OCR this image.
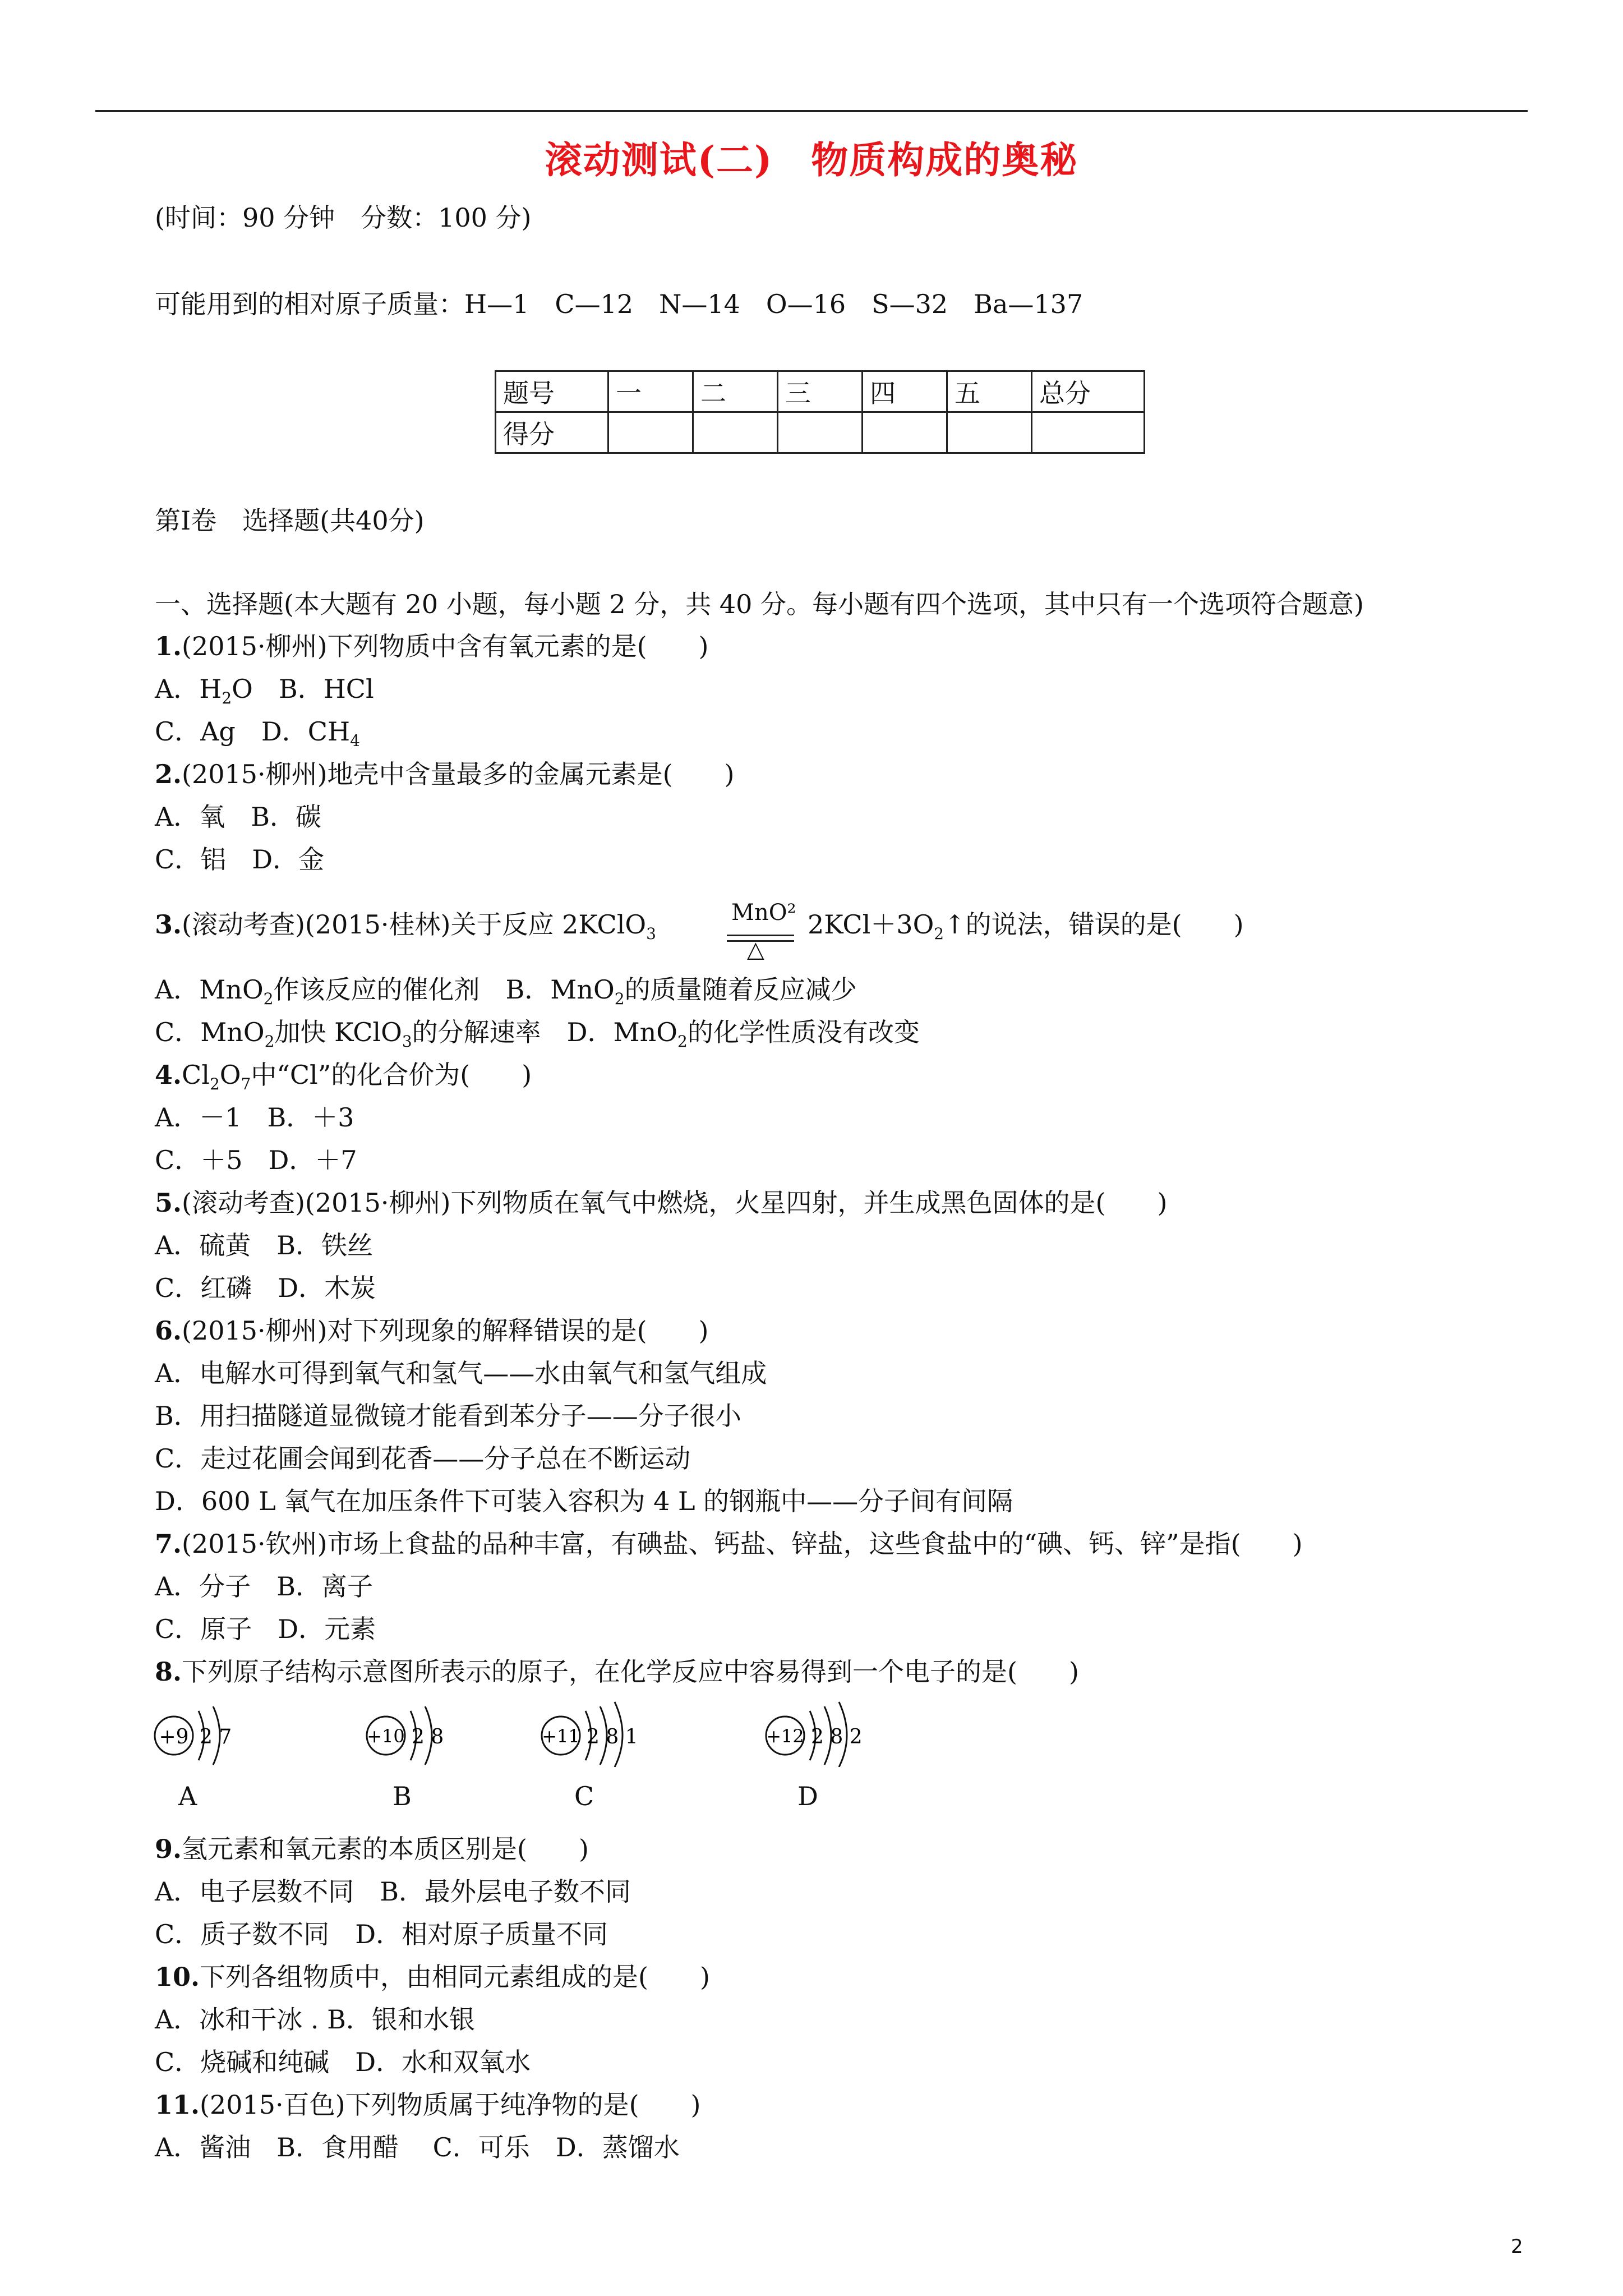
滚动测试(二)　物质构成的奥秘
(时间：90 分钟　分数：100 分)
可能用到的相对原子质量：H—1　C—12　N—14　O—16　S—32　Ba—137
题号	一	二	三	四	五	总分
得分						
第Ⅰ卷　选择题(共40分)
一、选择题(本大题有 20 小题，每小题 2 分，共 40 分。每小题有四个选项，其中只有一个选项符合题意)
1.(2015·柳州)下列物质中含有氧元素的是(　　)
A．$H_2O$　B．HCl
C．Ag　D．$CH_4$
2.(2015·柳州)地壳中含量最多的金属元素是(　　)
A．氧　B．碳
C．铝　D．金
3.(滚动考查)(2015·桂林)关于反应 2KClO$_3$
MnO²
△
$2KCl+3O_2↑$的说法，错误的是(　　)
A．MnO$_2$作该反应的催化剂　B．MnO$_2$的质量随着反应减少
C．MnO$_2$加快 KClO$_3$的分解速率　D．MnO$_2$的化学性质没有改变
$4.Cl_2O_7$中“Cl”的化合价为(　　)
A．－1　B．＋3
C．＋5　D．＋7
5.(滚动考查)(2015·柳州)下列物质在氧气中燃烧，火星四射，并生成黑色固体的是(　　)
A．硫黄　B．铁丝
C．红磷　D．木炭
6.(2015·柳州)对下列现象的解释错误的是(　　)
A．电解水可得到氧气和氢气——水由氧气和氢气组成
B．用扫描隧道显微镜才能看到苯分子——分子很小
C．走过花圃会闻到花香——分子总在不断运动
D．600 L 氧气在加压条件下可装入容积为 4 L 的钢瓶中——分子间有间隔
7.(2015·钦州)市场上食盐的品种丰富，有碘盐、钙盐、锌盐，这些食盐中的“碘、钙、锌”是指(　　)
A．分子　B．离子
C．原子　D．元素
8.下列原子结构示意图所表示的原子，在化学反应中容易得到一个电子的是(　　)
+9 2 7	+10 2 8	+11 2 8 1	+12 2 8 2
A	B	C	D
9.氢元素和氧元素的本质区别是(　　)
A．电子层数不同　B．最外层电子数不同
C．质子数不同　D．相对原子质量不同
10.下列各组物质中，由相同元素组成的是(　　)
A．冰和干冰 . B．银和水银
C．烧碱和纯碱　D．水和双氧水
11.(2015·百色)下列物质属于纯净物的是(　　)
A．酱油　B．食用醋　 C．可乐　D．蒸馏水
2
